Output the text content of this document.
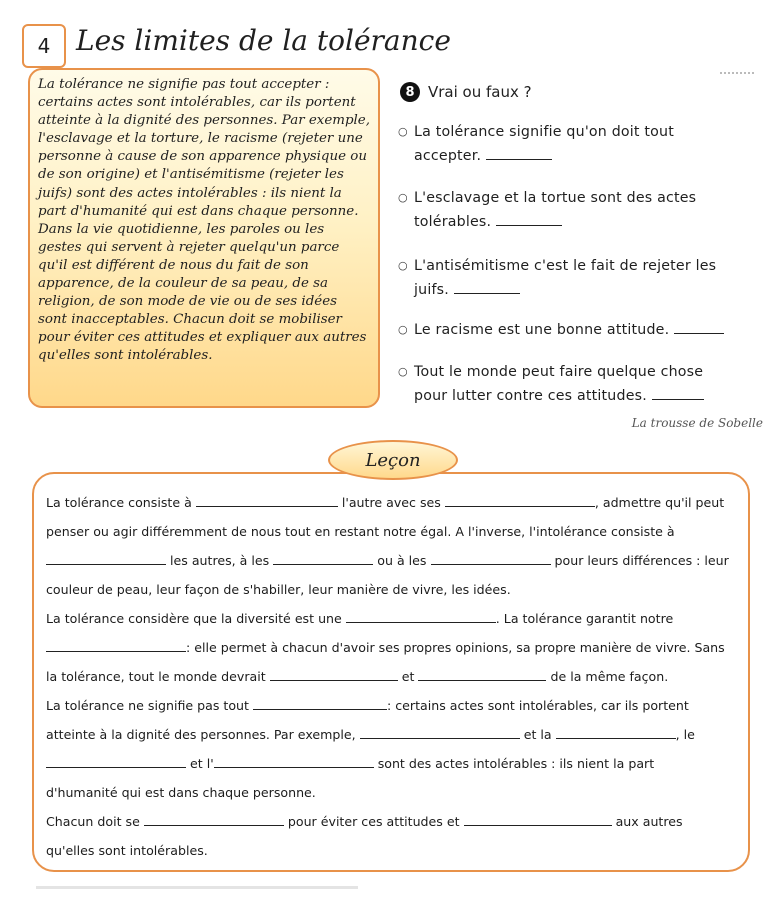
4 Les limites de la tolérance
La tolérance ne signifie pas tout accepter : certains actes sont intolérables, car ils portent atteinte à la dignité des personnes. Par exemple, l'esclavage et la torture, le racisme (rejeter une personne à cause de son apparence physique ou de son origine) et l'antisémitisme (rejeter les juifs) sont des actes intolérables : ils nient la part d'humanité qui est dans chaque personne. Dans la vie quotidienne, les paroles ou les gestes qui servent à rejeter quelqu'un parce qu'il est différent de nous du fait de son apparence, de la couleur de sa peau, de sa religion, de son mode de vie ou de ses idées sont inacceptables. Chacun doit se mobiliser pour éviter ces attitudes et expliquer aux autres qu'elles sont intolérables.
8 Vrai ou faux ?
○ La tolérance signifie qu'on doit tout
accepter.
○ L'esclavage et la tortue sont des actes
tolérables.
○ L'antisémitisme c'est le fait de rejeter les
juifs.
○ Le racisme est une bonne attitude.
○ Tout le monde peut faire quelque chose
pour lutter contre ces attitudes.
La trousse de Sobelle
Leçon
La tolérance consiste à	l'autre avec ses	, admettre qu'il peut
penser ou agir différemment de nous tout en restant notre égal. A l'inverse, l'intolérance consiste à
les autres, à les	ou à les	pour leurs différences : leur
couleur de peau, leur façon de s'habiller, leur manière de vivre, les idées.
La tolérance considère que la diversité est une	. La tolérance garantit notre
: elle permet à chacun d'avoir ses propres opinions, sa propre manière de vivre. Sans
la tolérance, tout le monde devrait	et	de la même façon.
La tolérance ne signifie pas tout	: certains actes sont intolérables, car ils portent
atteinte à la dignité des personnes. Par exemple,	et la	, le
et l'	sont des actes intolérables : ils nient la part
d'humanité qui est dans chaque personne.
Chacun doit se	pour éviter ces attitudes et	aux autres
qu'elles sont intolérables.
